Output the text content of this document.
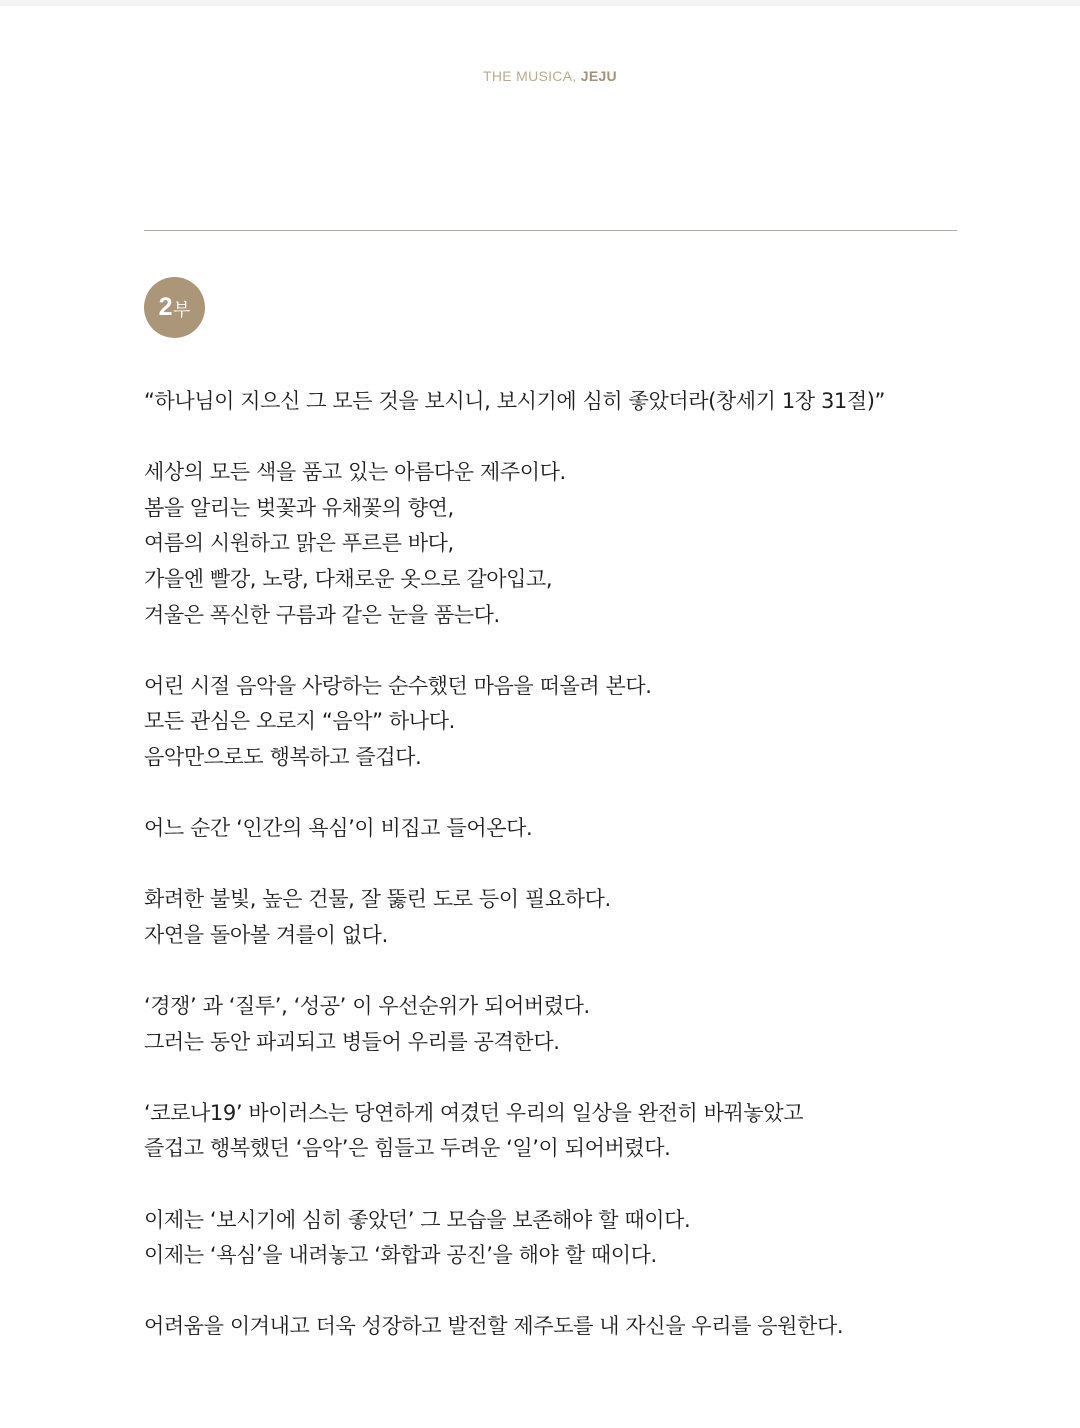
THE MUSICA, JEJU
2 부

“하나님이 지으신 그 모든 것을 보시니, 보시기에 심히 좋았더라(창세기 1장 31절)”

세상의 모든 색을 품고 있는 아름다운 제주이다.
봄을 알리는 벚꽃과 유채꽃의 향연,
여름의 시원하고 맑은 푸르른 바다,
가을엔 빨강, 노랑, 다채로운 옷으로 갈아입고,
겨울은 폭신한 구름과 같은 눈을 품는다.

어린 시절 음악을 사랑하는 순수했던 마음을 떠올려 본다.
모든 관심은 오로지 “음악” 하나다.
음악만으로도 행복하고 즐겁다.

어느 순간 ‘인간의 욕심’이 비집고 들어온다.

화려한 불빛, 높은 건물, 잘 뚫린 도로 등이 필요하다.
자연을 돌아볼 겨를이 없다.

‘경쟁’ 과 ‘질투’, ‘성공’ 이 우선순위가 되어버렸다.
그러는 동안 파괴되고 병들어 우리를 공격한다.

‘코로나19’ 바이러스는 당연하게 여겼던 우리의 일상을 완전히 바꿔놓았고
즐겁고 행복했던 ‘음악’은 힘들고 두려운 ‘일’이 되어버렸다.

이제는 ‘보시기에 심히 좋았던’ 그 모습을 보존해야 할 때이다.
이제는 ‘욕심’을 내려놓고 ‘화합과 공진’을 해야 할 때이다.

어려움을 이겨내고 더욱 성장하고 발전할 제주도를 내 자신을 우리를 응원한다.
